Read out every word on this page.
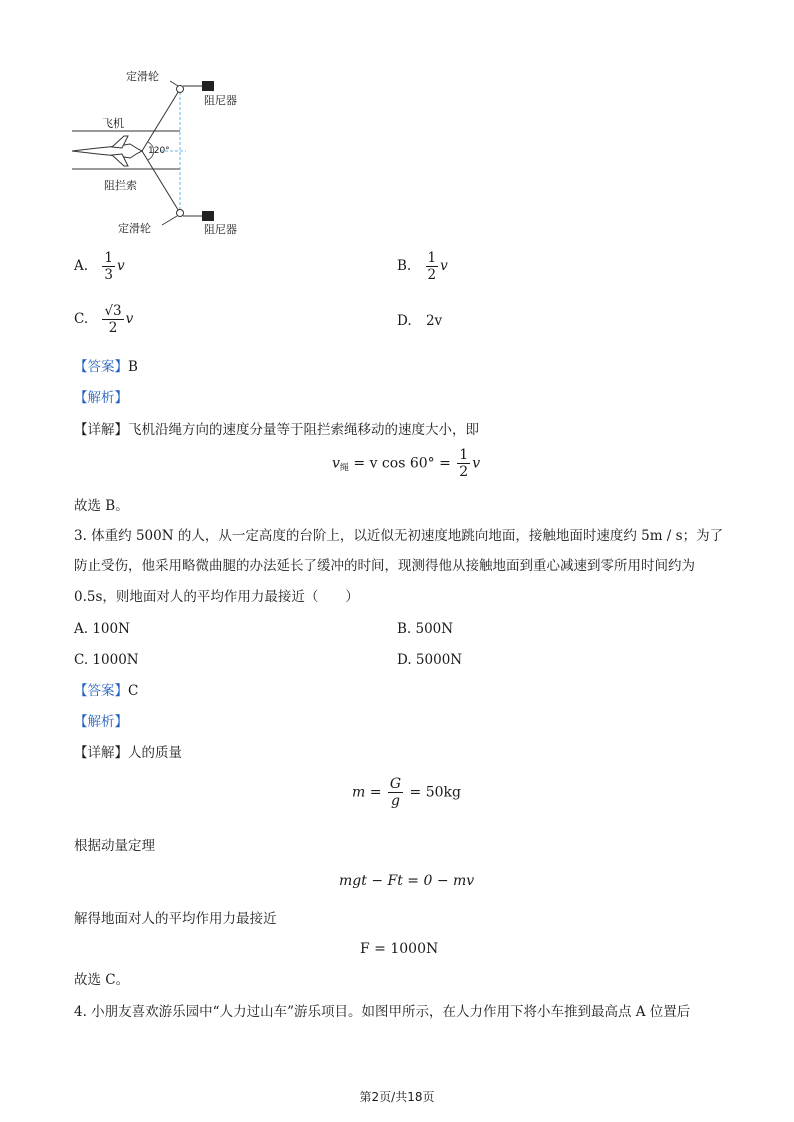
定滑轮
阻尼器
飞机
120°
阻拦索
定滑轮	阻尼器
A. $\frac{1}{3}$ v	B. $\frac{1}{2}$ v
C. $\frac{√3}{2}$ v	D. 2v
【答案】B
【解析】
【详解】飞机沿绳方向的速度分量等于阻拦索绳移动的速度大小，即
$v_绳 = v$ $\cos 60^\circ = \frac{1}{2}$ v
故选 B。
3. 体重约 500N 的人，从一定高度的台阶上，以近似无初速度地跳向地面，接触地面时速度约 5m / s；为了
防止受伤，他采用略微曲腿的办法延长了缓冲的时间，现测得他从接触地面到重心减速到零所用时间约为
0.5s，则地面对人的平均作用力最接近（　　）
A. 100N	B. 500N
C. 1000N	D. 5000N
【答案】C
【解析】
【详解】人的质量
$m = \frac{G}{g} = 50kg$
根据动量定理
mgt − Ft = 0 − mv
解得地面对人的平均作用力最接近
F = 1000N
故选 C。
4. 小朋友喜欢游乐园中“人力过山车”游乐项目。如图甲所示，在人力作用下将小车推到最高点 A 位置后
第2页/共18页
